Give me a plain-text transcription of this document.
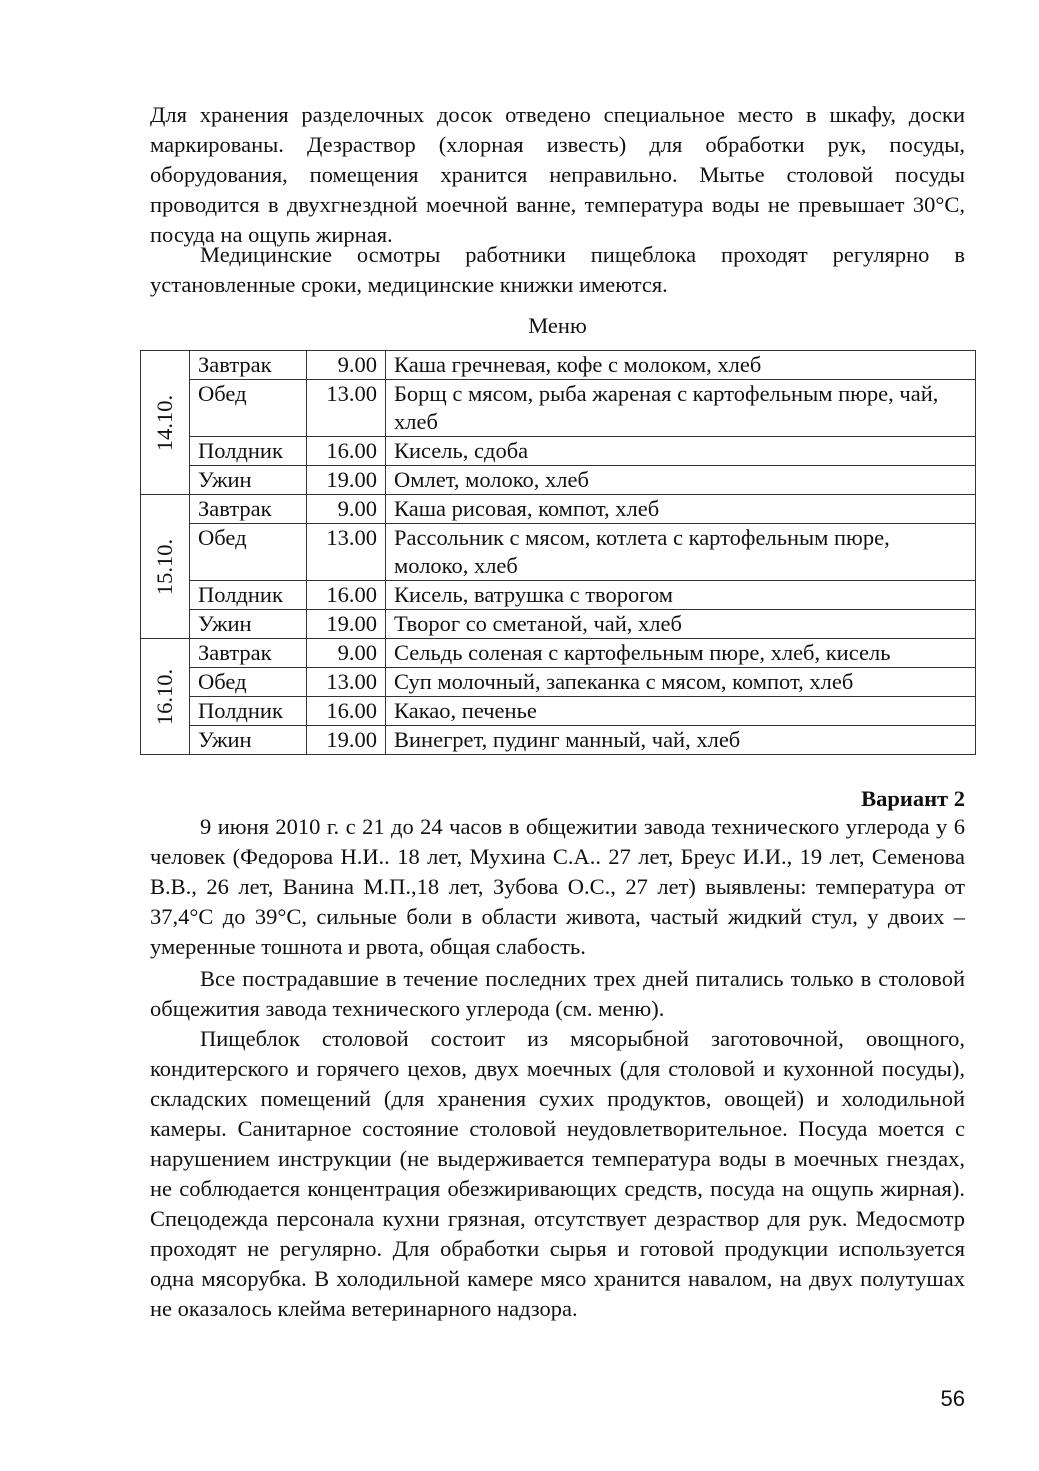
Для хранения разделочных досок отведено специальное место в шкафу, доски маркированы. Дезраствор (хлорная известь) для обработки рук, посуды, оборудования, помещения хранится неправильно. Мытье столовой посуды проводится в двухгнездной моечной ванне, температура воды не превышает 30°С, посуда на ощупь жирная.

Медицинские осмотры работники пищеблока проходят регулярно в установленные сроки, медицинские книжки имеются.

Меню

14.10.	Завтрак	9.00	Каша гречневая, кофе с молоком, хлеб
	Обед	13.00	Борщ с мясом, рыба жареная с картофельным пюре, чай, хлеб
	Полдник	16.00	Кисель, сдоба
	Ужин	19.00	Омлет, молоко, хлеб

15.10.	Завтрак	9.00	Каша рисовая, компот, хлеб
	Обед	13.00	Рассольник с мясом, котлета с картофельным пюре, молоко, хлеб
	Полдник	16.00	Кисель, ватрушка с творогом
	Ужин	19.00	Творог со сметаной, чай, хлеб

16.10.	Завтрак	9.00	Сельдь соленая с картофельным пюре, хлеб, кисель
	Обед	13.00	Суп молочный, запеканка с мясом, компот, хлеб
	Полдник	16.00	Какао, печенье
	Ужин	19.00	Винегрет, пудинг манный, чай, хлеб

Вариант 2

9 июня 2010 г. с 21 до 24 часов в общежитии завода технического углерода у 6 человек (Федорова Н.И.. 18 лет, Мухина С.А.. 27 лет, Бреус И.И., 19 лет, Семенова В.В., 26 лет, Ванина М.П.,18 лет, Зубова О.С., 27 лет) выявлены: температура от 37,4°С до 39°С, сильные боли в области живота, частый жидкий стул, у двоих – умеренные тошнота и рвота, общая слабость.

Все пострадавшие в течение последних трех дней питались только в столовой общежития завода технического углерода (см. меню).

Пищеблок столовой состоит из мясорыбной заготовочной, овощного, кондитерского и горячего цехов, двух моечных (для столовой и кухонной посуды), складских помещений (для хранения сухих продуктов, овощей) и холодильной камеры. Санитарное состояние столовой неудовлетворительное. Посуда моется с нарушением инструкции (не выдерживается температура воды в моечных гнездах, не соблюдается концентрация обезжиривающих средств, посуда на ощупь жирная). Спецодежда персонала кухни грязная, отсутствует дезраствор для рук. Медосмотр проходят не регулярно. Для обработки сырья и готовой продукции используется одна мясорубка. В холодильной камере мясо хранится навалом, на двух полутушах не оказалось клейма ветеринарного надзора.

56
